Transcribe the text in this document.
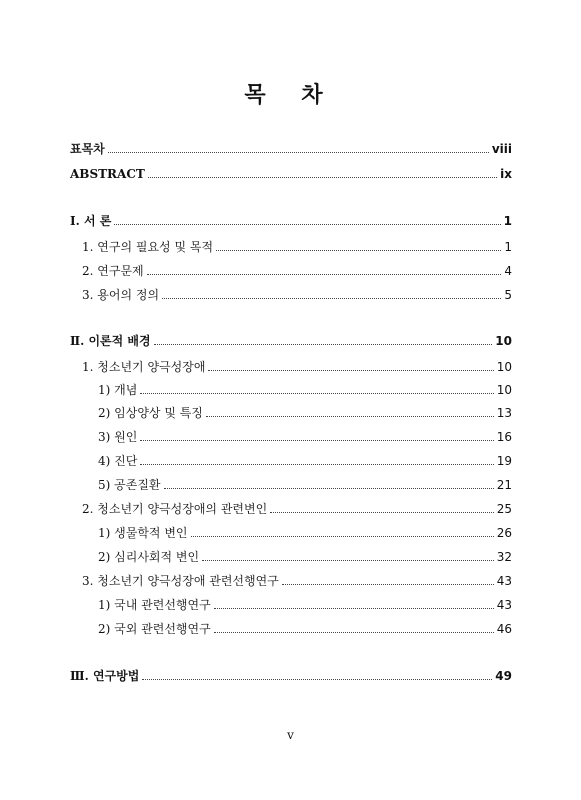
목 차
표목차	viii
ABSTRACT	ix
Ⅰ. 서 론	1
1. 연구의 필요성 및 목적	1
2. 연구문제	4
3. 용어의 정의	5
Ⅱ. 이론적 배경	10
1. 청소년기 양극성장애	10
1) 개념	10
2) 임상양상 및 특징	13
3) 원인	16
4) 진단	19
5) 공존질환	21
2. 청소년기 양극성장애의 관련변인	25
1) 생물학적 변인	26
2) 심리사회적 변인	32
3. 청소년기 양극성장애 관련선행연구	43
1) 국내 관련선행연구	43
2) 국외 관련선행연구	46
Ⅲ. 연구방법	49
v
